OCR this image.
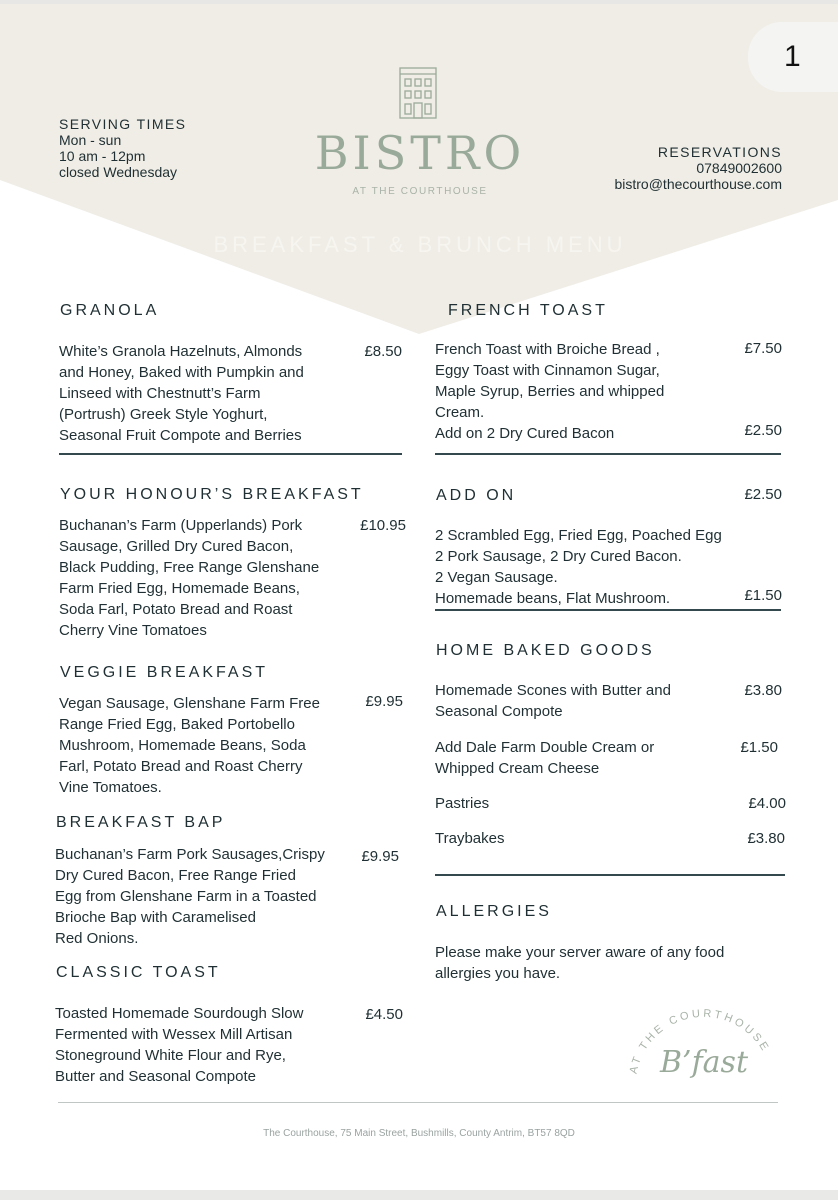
1
SERVING TIMES
Mon - sun
10 am - 12pm
closed Wednesday	BISTRO
AT THE COURTHOUSE
RESERVATIONS
07849002600
bistro@thecourthouse.com
BREAKFAST & BRUNCH MENU
GRANOLA
White’s Granola Hazelnuts, Almonds
and Honey, Baked with Pumpkin and
Linseed with Chestnutt’s Farm
(Portrush) Greek Style Yoghurt,
Seasonal Fruit Compote and Berries
£8.50
YOUR HONOUR’S BREAKFAST
Buchanan’s Farm (Upperlands) Pork
Sausage, Grilled Dry Cured Bacon,
Black Pudding, Free Range Glenshane
Farm Fried Egg, Homemade Beans,
Soda Farl, Potato Bread and Roast
Cherry Vine Tomatoes
£10.95
VEGGIE BREAKFAST
Vegan Sausage, Glenshane Farm Free
Range Fried Egg, Baked Portobello
Mushroom, Homemade Beans, Soda
Farl, Potato Bread and Roast Cherry
Vine Tomatoes.
£9.95
BREAKFAST BAP
Buchanan’s Farm Pork Sausages,Crispy
Dry Cured Bacon, Free Range Fried
Egg from Glenshane Farm in a Toasted
Brioche Bap with Caramelised
Red Onions.
£9.95
CLASSIC TOAST
Toasted Homemade Sourdough Slow
Fermented with Wessex Mill Artisan
Stoneground White Flour and Rye,
Butter and Seasonal Compote
£4.50
FRENCH TOAST
French Toast with Broiche Bread ,
Eggy Toast with Cinnamon Sugar,
Maple Syrup, Berries and whipped
Cream.
£7.50
Add on 2 Dry Cured Bacon	£2.50
ADD ON	£2.50
2 Scrambled Egg, Fried Egg, Poached Egg
2 Pork Sausage, 2 Dry Cured Bacon.
2 Vegan Sausage.
Homemade beans, Flat Mushroom.	£1.50
HOME BAKED GOODS
Homemade Scones with Butter and
Seasonal Compote
£3.80
Add Dale Farm Double Cream or
Whipped Cream Cheese
£1.50
Pastries	£4.00
Traybakes	£3.80
ALLERGIES
Please make your server aware of any food
allergies you have.
AT THE COURTHOUSE
B’fast
The Courthouse, 75 Main Street, Bushmills, County Antrim, BT57 8QD
